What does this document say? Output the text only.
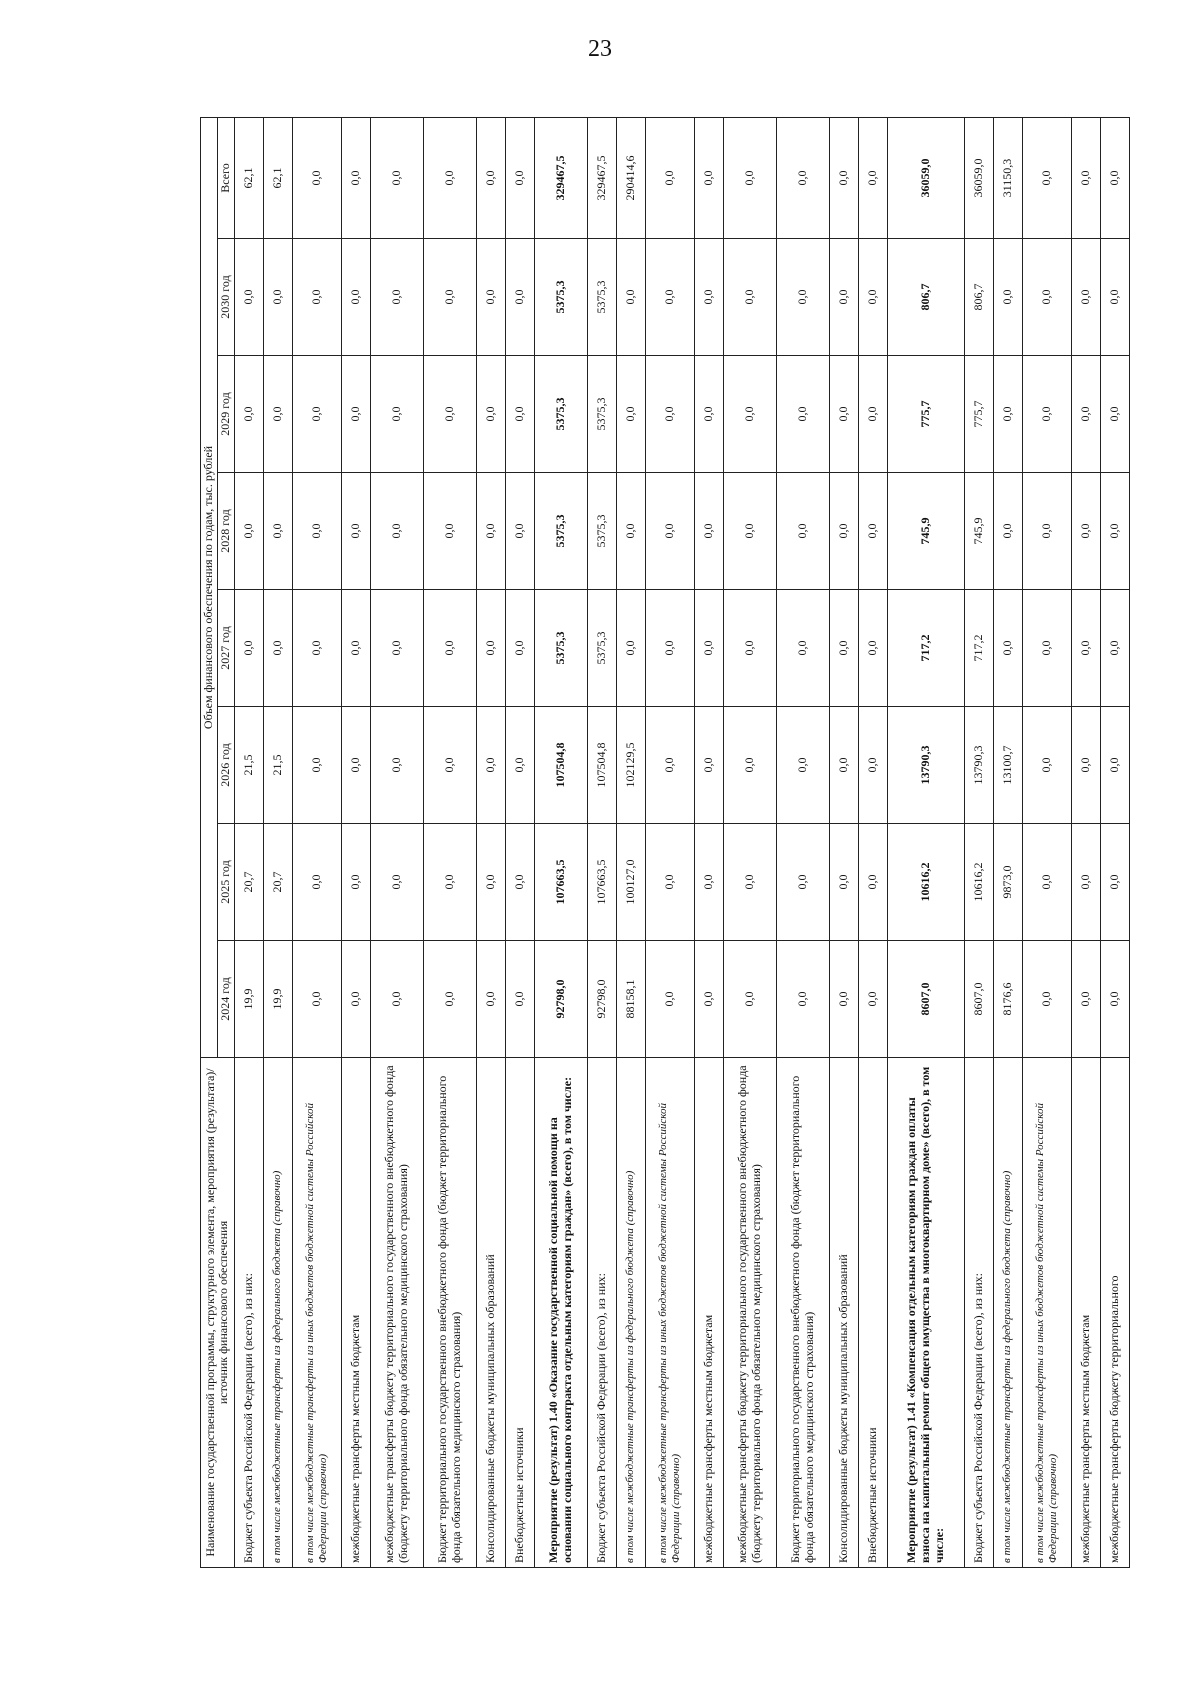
23
Наименование государственной программы, структурного элемента, мероприятия (результата)/источник финансового обеспечения	Объем финансового обеспечения по годам, тыс. рублей							
	2024 год	2025 год	2026 год	2027 год	2028 год	2029 год	2030 год	Всего
Бюджет субъекта Российской Федерации (всего), из них:	19,9	20,7	21,5	0,0	0,0	0,0	0,0	62,1
в том числе межбюджетные трансферты из федерального бюджета (справочно)	19,9	20,7	21,5	0,0	0,0	0,0	0,0	62,1
в том числе межбюджетные трансферты из иных бюджетов бюджетной системы Российской Федерации (справочно)	0,0	0,0	0,0	0,0	0,0	0,0	0,0	0,0
межбюджетные трансферты местным бюджетам	0,0	0,0	0,0	0,0	0,0	0,0	0,0	0,0
межбюджетные трансферты бюджету территориального государственного внебюджетного фонда (бюджету территориального фонда обязательного медицинского страхования)	0,0	0,0	0,0	0,0	0,0	0,0	0,0	0,0
Бюджет территориального государственного внебюджетного фонда (бюджет территориального фонда обязательного медицинского страхования)	0,0	0,0	0,0	0,0	0,0	0,0	0,0	0,0
Консолидированные бюджеты муниципальных образований	0,0	0,0	0,0	0,0	0,0	0,0	0,0	0,0
Внебюджетные источники	0,0	0,0	0,0	0,0	0,0	0,0	0,0	0,0
Мероприятие (результат) 1.40 «Оказание государственной социальной помощи на основании социального контракта отдельным категориям граждан» (всего), в том числе:	92798,0	107663,5	107504,8	5375,3	5375,3	5375,3	5375,3	329467,5
Бюджет субъекта Российской Федерации (всего), из них:	92798,0	107663,5	107504,8	5375,3	5375,3	5375,3	5375,3	329467,5
в том числе межбюджетные трансферты из федерального бюджета (справочно)	88158,1	100127,0	102129,5	0,0	0,0	0,0	0,0	290414,6
в том числе межбюджетные трансферты из иных бюджетов бюджетной системы Российской Федерации (справочно)	0,0	0,0	0,0	0,0	0,0	0,0	0,0	0,0
межбюджетные трансферты местным бюджетам	0,0	0,0	0,0	0,0	0,0	0,0	0,0	0,0
межбюджетные трансферты бюджету территориального государственного внебюджетного фонда (бюджету территориального фонда обязательного медицинского страхования)	0,0	0,0	0,0	0,0	0,0	0,0	0,0	0,0
Бюджет территориального государственного внебюджетного фонда (бюджет территориального фонда обязательного медицинского страхования)	0,0	0,0	0,0	0,0	0,0	0,0	0,0	0,0
Консолидированные бюджеты муниципальных образований	0,0	0,0	0,0	0,0	0,0	0,0	0,0	0,0
Внебюджетные источники	0,0	0,0	0,0	0,0	0,0	0,0	0,0	0,0
Мероприятие (результат) 1.41 «Компенсация отдельным категориям граждан оплаты взноса на капитальный ремонт общего имущества в многоквартирном доме» (всего), в том числе:	8607,0	10616,2	13790,3	717,2	745,9	775,7	806,7	36059,0
Бюджет субъекта Российской Федерации (всего), из них:	8607,0	10616,2	13790,3	717,2	745,9	775,7	806,7	36059,0
в том числе межбюджетные трансферты из федерального бюджета (справочно)	8176,6	9873,0	13100,7	0,0	0,0	0,0	0,0	31150,3
в том числе межбюджетные трансферты из иных бюджетов бюджетной системы Российской Федерации (справочно)	0,0	0,0	0,0	0,0	0,0	0,0	0,0	0,0
межбюджетные трансферты местным бюджетам	0,0	0,0	0,0	0,0	0,0	0,0	0,0	0,0
межбюджетные трансферты бюджету территориального	0,0	0,0	0,0	0,0	0,0	0,0	0,0	0,0
